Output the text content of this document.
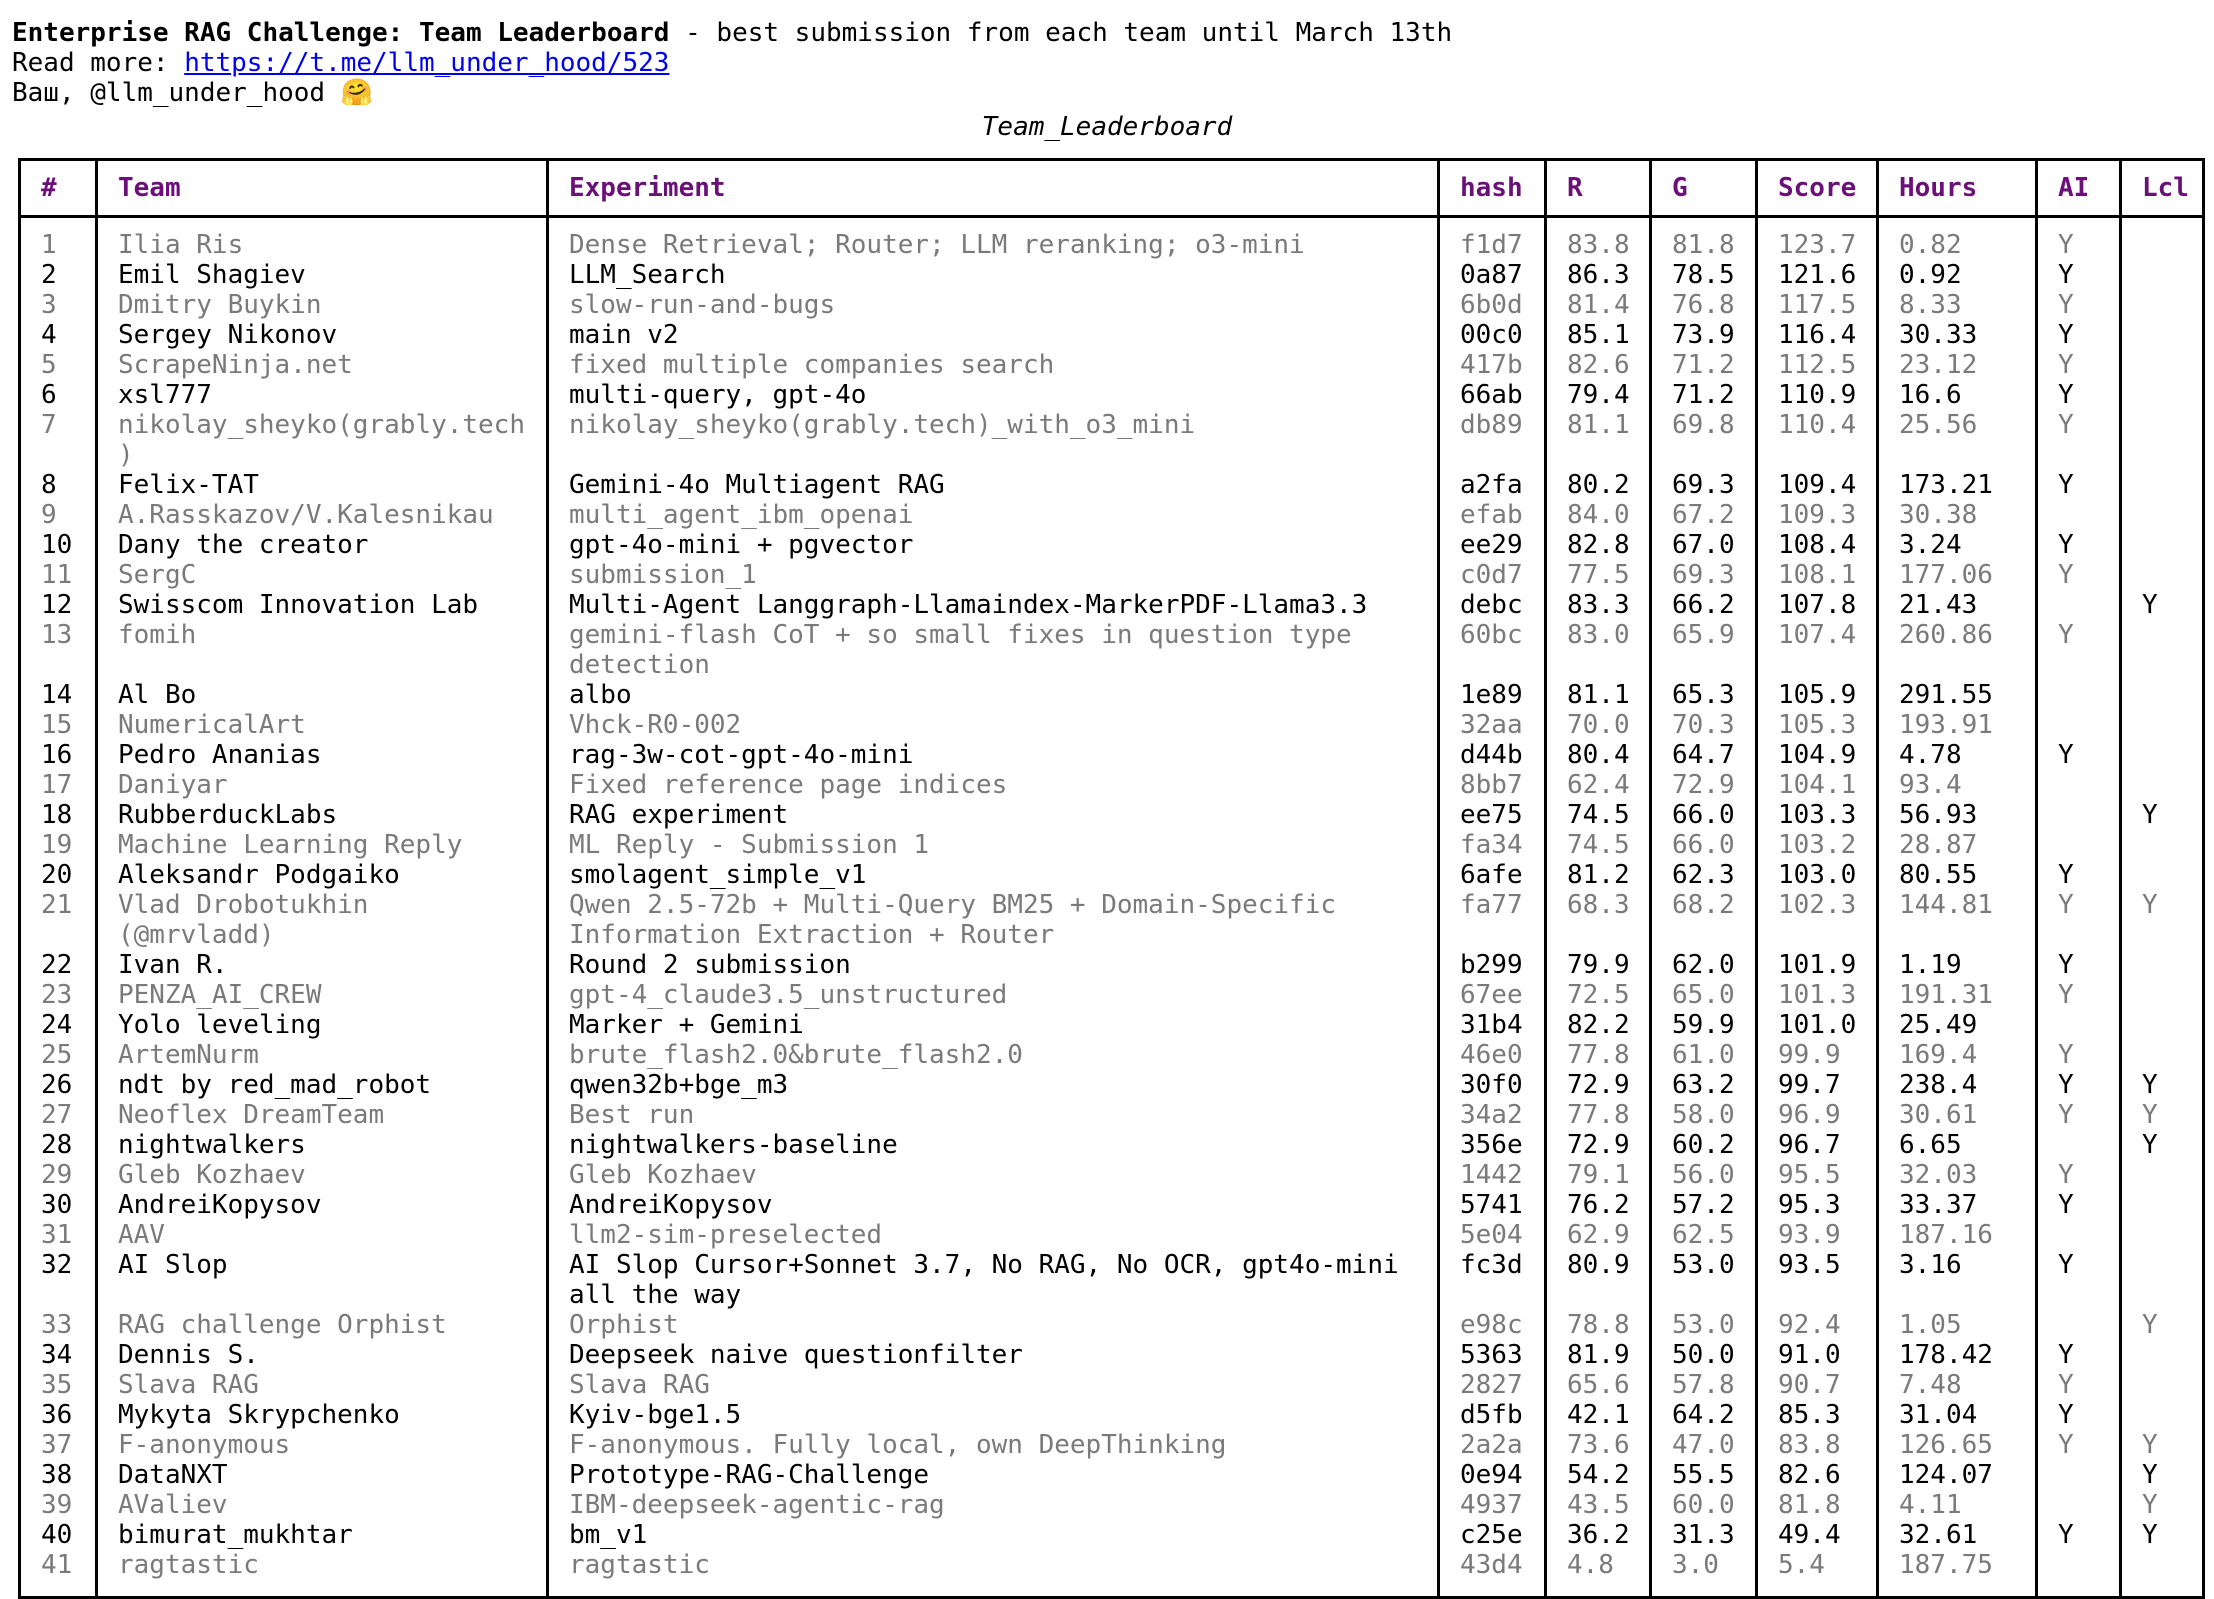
Enterprise RAG Challenge: Team Leaderboard - best submission from each team until March 13th
Read more: https://t.me/llm_under_hood/523
Ваш, @llm_under_hood 🤗
Team_Leaderboard
#	Team	Experiment	hash	R	G	Score	Hours	AI	Lcl
1	Ilia Ris	Dense Retrieval; Router; LLM reranking; o3-mini	f1d7	83.8	81.8	123.7	0.82	Y	
2	Emil Shagiev	LLM_Search	0a87	86.3	78.5	121.6	0.92	Y	
3	Dmitry Buykin	slow-run-and-bugs	6b0d	81.4	76.8	117.5	8.33	Y	
4	Sergey Nikonov	main v2	00c0	85.1	73.9	116.4	30.33	Y	
5	ScrapeNinja.net	fixed multiple companies search	417b	82.6	71.2	112.5	23.12	Y	
6	xsl777	multi-query, gpt-4o	66ab	79.4	71.2	110.9	16.6	Y	
7	nikolay_sheyko(grably.tech)	nikolay_sheyko(grably.tech)_with_o3_mini	db89	81.1	69.8	110.4	25.56	Y	
8	Felix-TAT	Gemini-4o Multiagent RAG	a2fa	80.2	69.3	109.4	173.21	Y	
9	A.Rasskazov/V.Kalesnikau	multi_agent_ibm_openai	efab	84.0	67.2	109.3	30.38		
10	Dany the creator	gpt-4o-mini + pgvector	ee29	82.8	67.0	108.4	3.24	Y	
11	SergC	submission_1	c0d7	77.5	69.3	108.1	177.06	Y	
12	Swisscom Innovation Lab	Multi-Agent Langgraph-Llamaindex-MarkerPDF-Llama3.3	debc	83.3	66.2	107.8	21.43		Y
13	fomih	gemini-flash CoT + so small fixes in question type detection	60bc	83.0	65.9	107.4	260.86	Y	
14	Al Bo	albo	1e89	81.1	65.3	105.9	291.55		
15	NumericalArt	Vhck-R0-002	32aa	70.0	70.3	105.3	193.91		
16	Pedro Ananias	rag-3w-cot-gpt-4o-mini	d44b	80.4	64.7	104.9	4.78	Y	
17	Daniyar	Fixed reference page indices	8bb7	62.4	72.9	104.1	93.4		
18	RubberduckLabs	RAG experiment	ee75	74.5	66.0	103.3	56.93		Y
19	Machine Learning Reply	ML Reply - Submission 1	fa34	74.5	66.0	103.2	28.87		
20	Aleksandr Podgaiko	smolagent_simple_v1	6afe	81.2	62.3	103.0	80.55	Y	
21	Vlad Drobotukhin (@mrvladd)	Qwen 2.5-72b + Multi-Query BM25 + Domain-Specific Information Extraction + Router	fa77	68.3	68.2	102.3	144.81	Y	Y
22	Ivan R.	Round 2 submission	b299	79.9	62.0	101.9	1.19	Y	
23	PENZA_AI_CREW	gpt-4_claude3.5_unstructured	67ee	72.5	65.0	101.3	191.31	Y	
24	Yolo leveling	Marker + Gemini	31b4	82.2	59.9	101.0	25.49		
25	ArtemNurm	brute_flash2.0&brute_flash2.0	46e0	77.8	61.0	99.9	169.4	Y	
26	ndt by red_mad_robot	qwen32b+bge_m3	30f0	72.9	63.2	99.7	238.4	Y	Y
27	Neoflex DreamTeam	Best run	34a2	77.8	58.0	96.9	30.61	Y	Y
28	nightwalkers	nightwalkers-baseline	356e	72.9	60.2	96.7	6.65		Y
29	Gleb Kozhaev	Gleb Kozhaev	1442	79.1	56.0	95.5	32.03	Y	
30	AndreiKopysov	AndreiKopysov	5741	76.2	57.2	95.3	33.37	Y	
31	AAV	llm2-sim-preselected	5e04	62.9	62.5	93.9	187.16		
32	AI Slop	AI Slop Cursor+Sonnet 3.7, No RAG, No OCR, gpt4o-mini all the way	fc3d	80.9	53.0	93.5	3.16	Y	
33	RAG challenge Orphist	Orphist	e98c	78.8	53.0	92.4	1.05		Y
34	Dennis S.	Deepseek naive questionfilter	5363	81.9	50.0	91.0	178.42	Y	
35	Slava RAG	Slava RAG	2827	65.6	57.8	90.7	7.48	Y	
36	Mykyta Skrypchenko	Kyiv-bge1.5	d5fb	42.1	64.2	85.3	31.04	Y	
37	F-anonymous	F-anonymous. Fully local, own DeepThinking	2a2a	73.6	47.0	83.8	126.65	Y	Y
38	DataNXT	Prototype-RAG-Challenge	0e94	54.2	55.5	82.6	124.07		Y
39	AValiev	IBM-deepseek-agentic-rag	4937	43.5	60.0	81.8	4.11		Y
40	bimurat_mukhtar	bm_v1	c25e	36.2	31.3	49.4	32.61	Y	Y
41	ragtastic	ragtastic	43d4	4.8	3.0	5.4	187.75		
